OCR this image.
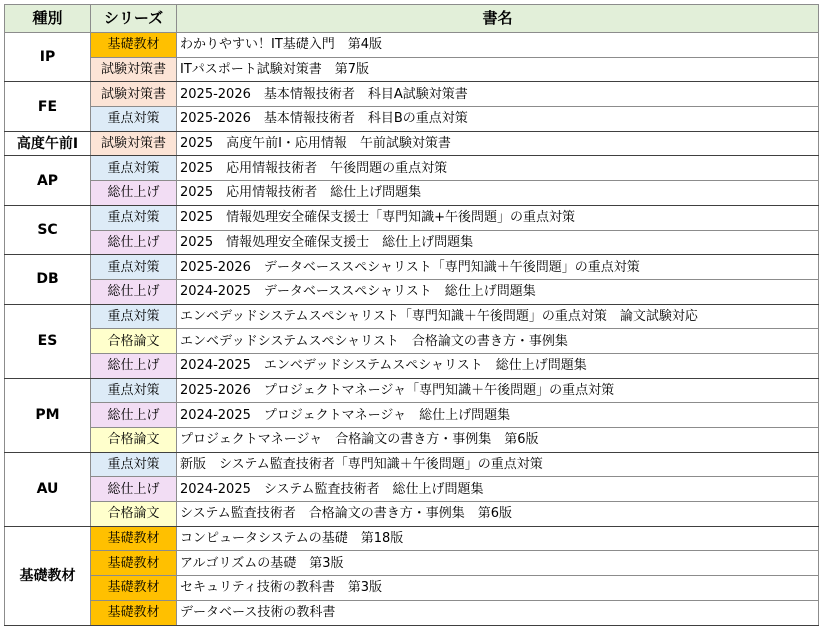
種別	シリーズ	書名
IP	基礎教材	わかりやすい！IT基礎入門　第4版
	試験対策書	ITパスポート試験対策書　第7版
FE	試験対策書	2025-2026　基本情報技術者　科目A試験対策書
	重点対策	2025-2026　基本情報技術者　科目Bの重点対策
高度午前Ⅰ	試験対策書	2025　高度午前Ⅰ・応用情報　午前試験対策書
AP	重点対策	2025　応用情報技術者　午後問題の重点対策
	総仕上げ	2025　応用情報技術者　総仕上げ問題集
SC	重点対策	2025　情報処理安全確保支援士「専門知識+午後問題」の重点対策
	総仕上げ	2025　情報処理安全確保支援士　総仕上げ問題集
DB	重点対策	2025-2026　データベーススペシャリスト「専門知識＋午後問題」の重点対策
	総仕上げ	2024-2025　データベーススペシャリスト　総仕上げ問題集
ES	重点対策	エンベデッドシステムスペシャリスト「専門知識＋午後問題」の重点対策　論文試験対応
	合格論文	エンベデッドシステムスペシャリスト　合格論文の書き方・事例集
	総仕上げ	2024-2025　エンベデッドシステムスペシャリスト　総仕上げ問題集
PM	重点対策	2025-2026　プロジェクトマネージャ「専門知識＋午後問題」の重点対策
	総仕上げ	2024-2025　プロジェクトマネージャ　総仕上げ問題集
	合格論文	プロジェクトマネージャ　合格論文の書き方・事例集　第6版
AU	重点対策	新版　システム監査技術者「専門知識＋午後問題」の重点対策
	総仕上げ	2024-2025　システム監査技術者　総仕上げ問題集
	合格論文	システム監査技術者　合格論文の書き方・事例集　第6版
基礎教材	基礎教材	コンピュータシステムの基礎　第18版
	基礎教材	アルゴリズムの基礎　第3版
	基礎教材	セキュリティ技術の教科書　第3版
	基礎教材	データベース技術の教科書
